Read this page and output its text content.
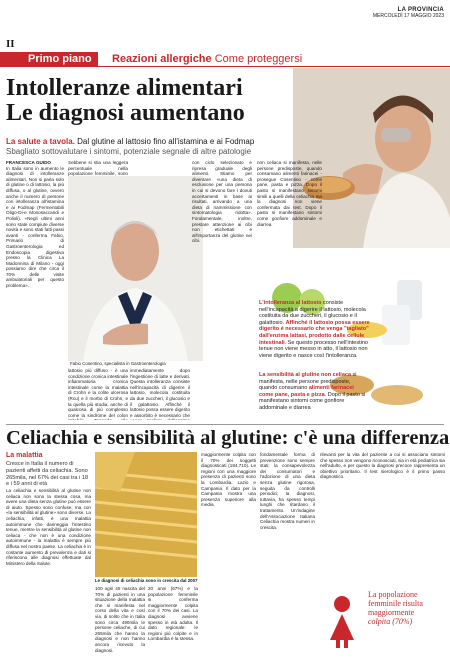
II
LA PROVINCIA
MERCOLEDÌ 17 MAGGIO 2023
Primo piano	Reazioni allergiche Come proteggersi
Intolleranze alimentari
Le diagnosi aumentano
La salute a tavola. Dal glutine al lattosio fino all'istamina e ai Fodmap
Sbagliato sottovalutare i sintomi, potenziale segnale di altre patologie
FRANCESCA GUIDO
In Italia sono in aumento le diagnosi di intolleranze alimentari. Non si parla solo di glutine o di lattosio, la più diffusa, o al glutine, ovvero anche il numero di persone con intolleranza all'istamina e ai Fodmap (Fermentabili Oligo-Di-e Monosaccaridi e Polioli). «Negli ultimi anni sono state compiute diverse novità e sono stati fatti passi avanti - conferma Fabio, Primario di Gastroenterologia ed Endoscopia digestiva presso la Clinica La Madonnina di Milano - oggi possiamo dire che circa il 70% delle visite ambulatoriali per questo problema».
Sebbene si stia una leggera percentuale nella popolazione femminile, sono
Fabio Cosentino, specialista in Gastroenterologia
lattosio più diffuso - è una condizione cronica intestinale infiammatoria cronica intestinale come la malattia di Crohn e la colite ulcerosa (Rcu) e il morbo di Crohn, e la quella più studia, anche di qualcosa di più complesso come la sindrome del colon
immediatamente dopo l'ingestione di latte e derivati. Questa intolleranza consiste nell'incapacità di digerire il lattosio, molecola costituita da due zuccheri, il glucosio e il galattosio. Affinché il lattosio possa essere digerito e assorbito è necessario che
con ciclo selezionato e ripresa graduale degli alimenti. Stiamo per diventare «una dieta di esclusione per una persona in cui si devono fare i dovuti accertamenti in base ai risultati, arrivando a una dieta di riammissione con sintomatologia ridotta». Fondamentale, inoltre, prestare attenzione ai cibi non etichettati e all'importanza del glutine nei cibi.
non celiaca si manifesta, nelle persone predisposte, quando consumano alimenti farinacei - prosegue Cosentino - come pane, pasta e pizza. Dopo il pasto si manifestano sintomi simili a quelli della celiachia ma la diagnosi non viene confermata dai test. Dopo il pasto si manifestano sintomi come gonfiore addominale e diarrea.
L'intolleranza al lattosio consiste nell'incapacità a digerire il lattosio, molecola costituita da due zuccheri, il glucosio e il galattosio. Affinché il lattosio possa essere digerito è necessario che venga "tagliato" dall'enzima lattasi, prodotto dalle cellule intestinali. Se questo processo nell'intestino tenue non viene messo in atto, il lattosio non viene digerito e nasce così l'intolleranza.
La sensibilità al glutine non celiaca si manifesta, nelle persone predisposte, quando consumano alimenti farinacei come pane, pasta e pizza. Dopo il pasto si manifestano sintomi come gonfiore addominale e diarrea
Celiachia e sensibilità al glutine: c'è una differenza
La malattia
Cresce in Italia il numero di pazienti affetti da celiachia. Sono 265mila, nel 67% dei casi tra i 18 e i 59 anni di età
La celiachia e sensibilità al glutine non celiaca non sono la stessa cosa, ma avere una dieta senza glutine può essere di aiuto. Spesso sono confuse, ma con «la sensibilità al glutine» sono diverse. La celiachia, infatti, è una malattia autoimmune che danneggia l'intestino tenue, mentre la sensibilità al glutine non celiaca - che non è una condizione autoimmune - la malattia è sempre più diffusa nel nostro paese. La celiachia è in costante aumento di prevalenza e dati si riferiscono alle diagnosi effettuate dal Ministero della Salute.
Le diagnosi di celiachia sono in crescita dal 2007
100 ogni 45 nascita del 70% di pazienti in una situazione della malattia che si manifesta nel corso della vita e così via, di solito che in Italia sono circa 490mila le persone celiache, di cui 265mila che hanno la diagnosi e non hanno ancora ricevuto la diagnosi.
20 anni (67%) e la popolazione femminile si conferma maggiormente colpita con il 70% dei casi. La diagnosi avviene spesso in età adulta. Il dato regionale: le regioni più colpite e in Lombardia è la stessa.
maggiormente colpita con il 70% dei soggetti diagnosticati (184.710). Le regioni con una maggiore presenza di pazienti sono la Lombardia, Lazio e Campania. Il dato per la Campania mostra una presenza superiore alla media.
fondamentale forma di prevenzione sono sempre stati: la consapevolezza dei consumatori e l'adozione di una dieta senza glutine rigorosa, seguita da controlli periodici; la diagnosi, tuttavia, ha spesso tempi lunghi che ritardano il trattamento. Un'indagine dell'Associazione Italiana Celiachia mostra numeri in crescita.
rilevanti per la vita del paziente a cui si associano sintomi che spesso non vengono riconosciuti, sia in età pediatrica sia nell'adulto, e per questo la diagnosi precoce rappresenta un obiettivo prioritario. Il test sierologico è il primo passo diagnostico.
La popolazione
femminile risulta
maggiormente
colpita (70%)
